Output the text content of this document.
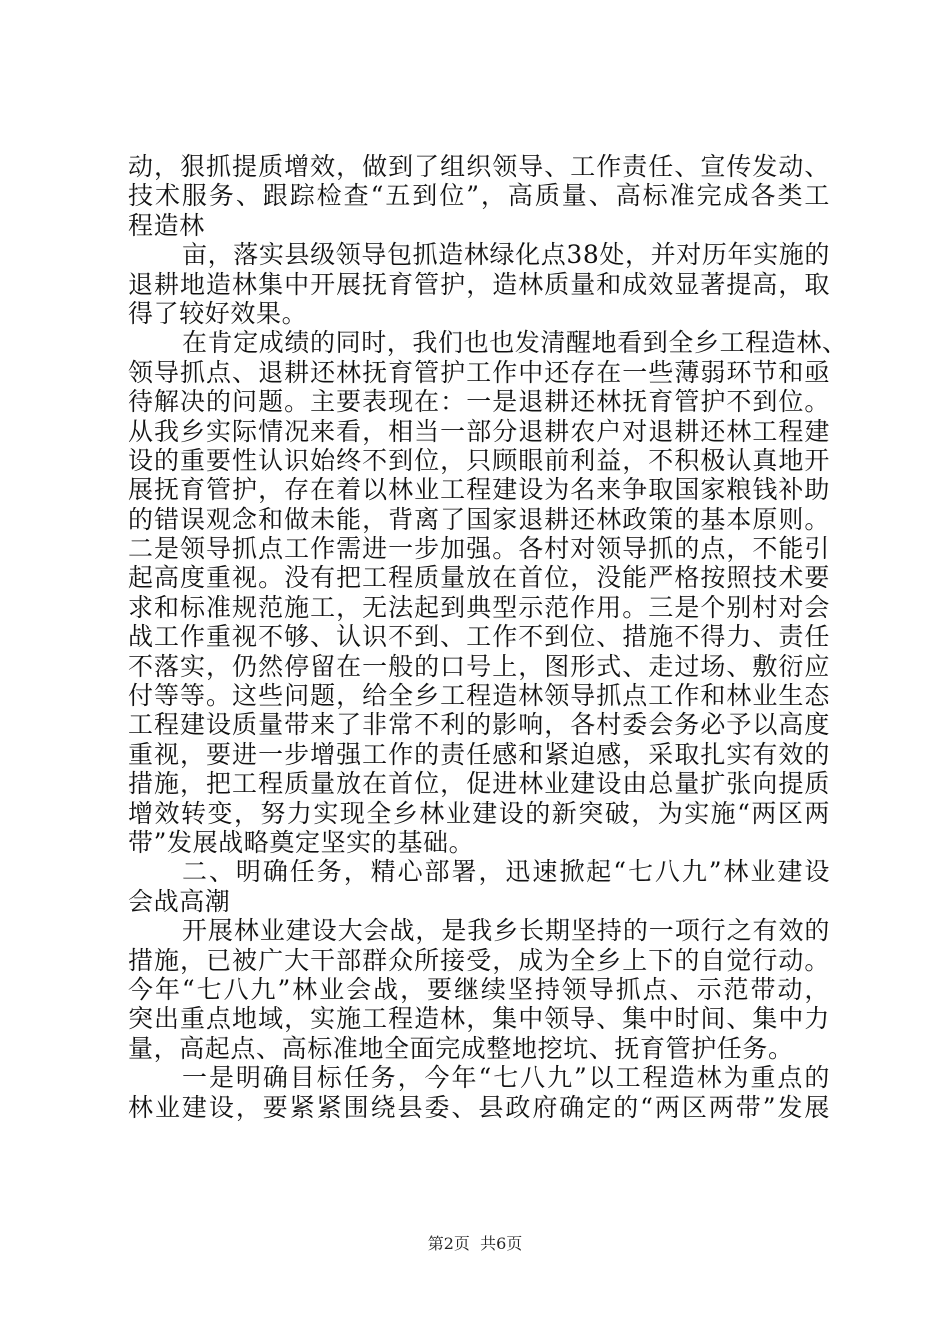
动，狠抓提质增效，做到了组织领导、工作责任、宣传发动、
技术服务、跟踪检查“五到位”，高质量、高标准完成各类工
程造林
亩，落实县级领导包抓造林绿化点38处，并对历年实施的
退耕地造林集中开展抚育管护，造林质量和成效显著提高，取
得了较好效果。
在肯定成绩的同时，我们也也发清醒地看到全乡工程造林、
领导抓点、退耕还林抚育管护工作中还存在一些薄弱环节和亟
待解决的问题。主要表现在：一是退耕还林抚育管护不到位。
从我乡实际情况来看，相当一部分退耕农户对退耕还林工程建
设的重要性认识始终不到位，只顾眼前利益，不积极认真地开
展抚育管护，存在着以林业工程建设为名来争取国家粮钱补助
的错误观念和做未能，背离了国家退耕还林政策的基本原则。
二是领导抓点工作需进一步加强。各村对领导抓的点，不能引
起高度重视。没有把工程质量放在首位，没能严格按照技术要
求和标准规范施工，无法起到典型示范作用。三是个别村对会
战工作重视不够、认识不到、工作不到位、措施不得力、责任
不落实，仍然停留在一般的口号上，图形式、走过场、敷衍应
付等等。这些问题，给全乡工程造林领导抓点工作和林业生态
工程建设质量带来了非常不利的影响，各村委会务必予以高度
重视，要进一步增强工作的责任感和紧迫感，采取扎实有效的
措施，把工程质量放在首位，促进林业建设由总量扩张向提质
增效转变，努力实现全乡林业建设的新突破，为实施“两区两
带”发展战略奠定坚实的基础。
二、明确任务，精心部署，迅速掀起“七八九”林业建设
会战高潮
开展林业建设大会战，是我乡长期坚持的一项行之有效的
措施，已被广大干部群众所接受，成为全乡上下的自觉行动。
今年“七八九”林业会战，要继续坚持领导抓点、示范带动，
突出重点地域，实施工程造林，集中领导、集中时间、集中力
量，高起点、高标准地全面完成整地挖坑、抚育管护任务。
一是明确目标任务，今年“七八九”以工程造林为重点的
林业建设，要紧紧围绕县委、县政府确定的“两区两带”发展
第2页  共6页
